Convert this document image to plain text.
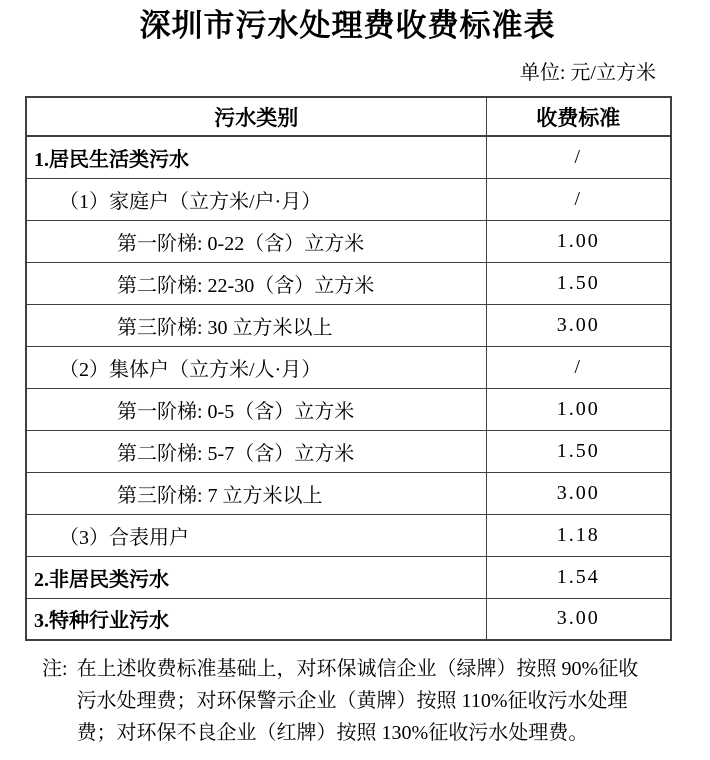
深圳市污水处理费收费标准表
单位: 元/立方米
污水类别	收费标准
1.居民生活类污水	/
（1）家庭户（立方米/户·月）	/
第一阶梯: 0-22（含）立方米	1.00
第二阶梯: 22-30（含）立方米	1.50
第三阶梯: 30 立方米以上	3.00
（2）集体户（立方米/人·月）	/
第一阶梯: 0-5（含）立方米	1.00
第二阶梯: 5-7（含）立方米	1.50
第三阶梯: 7 立方米以上	3.00
（3）合表用户	1.18
2.非居民类污水	1.54
3.特种行业污水	3.00
注: 在上述收费标准基础上，对环保诚信企业（绿牌）按照 90%征收
污水处理费；对环保警示企业（黄牌）按照 110%征收污水处理
费；对环保不良企业（红牌）按照 130%征收污水处理费。
